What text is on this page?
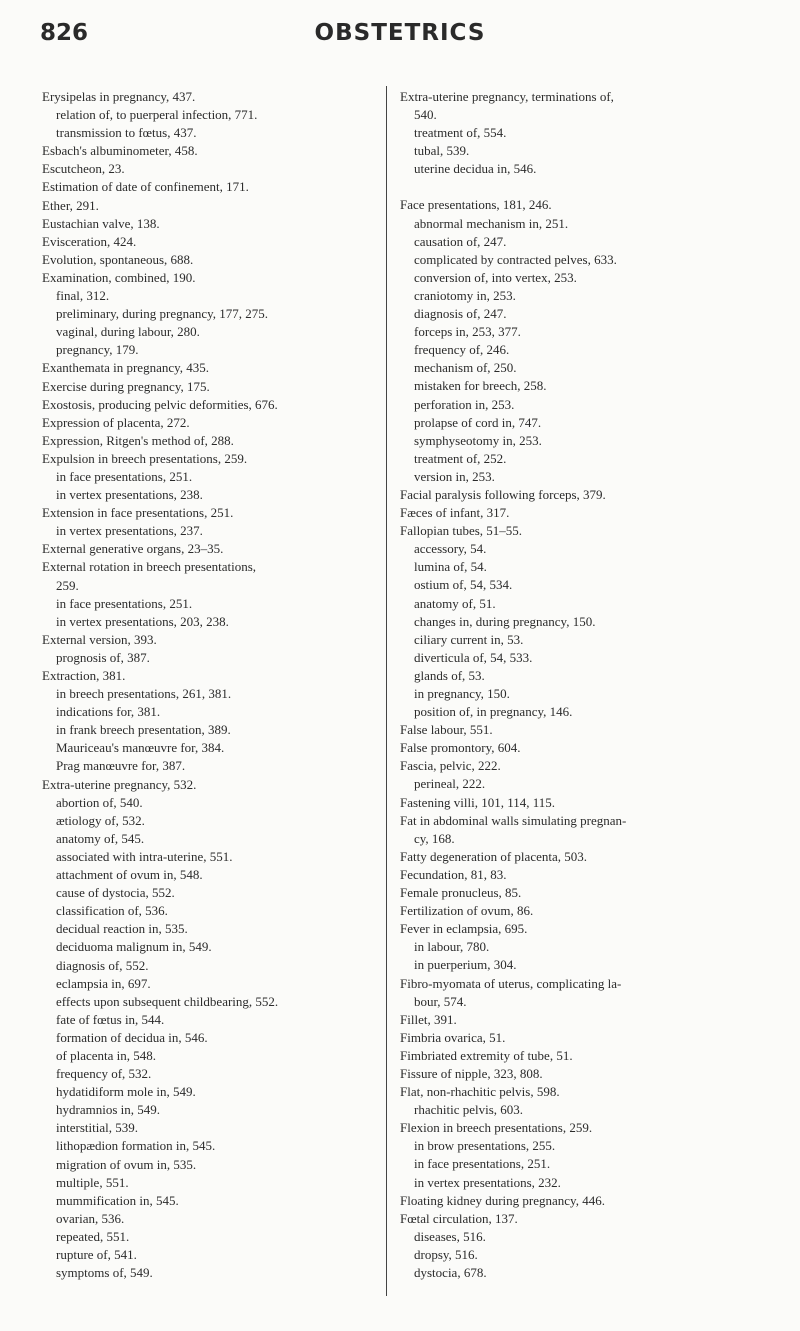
826	OBSTETRICS
Erysipelas in pregnancy, 437.
relation of, to puerperal infection, 771.
transmission to fœtus, 437.
Esbach's albuminometer, 458.
Escutcheon, 23.
Estimation of date of confinement, 171.
Ether, 291.
Eustachian valve, 138.
Evisceration, 424.
Evolution, spontaneous, 688.
Examination, combined, 190.
final, 312.
preliminary, during pregnancy, 177, 275.
vaginal, during labour, 280.
pregnancy, 179.
Exanthemata in pregnancy, 435.
Exercise during pregnancy, 175.
Exostosis, producing pelvic deformities, 676.
Expression of placenta, 272.
Expression, Ritgen's method of, 288.
Expulsion in breech presentations, 259.
in face presentations, 251.
in vertex presentations, 238.
Extension in face presentations, 251.
in vertex presentations, 237.
External generative organs, 23–35.
External rotation in breech presentations,
259.
in face presentations, 251.
in vertex presentations, 203, 238.
External version, 393.
prognosis of, 387.
Extraction, 381.
in breech presentations, 261, 381.
indications for, 381.
in frank breech presentation, 389.
Mauriceau's manœuvre for, 384.
Prag manœuvre for, 387.
Extra-uterine pregnancy, 532.
abortion of, 540.
ætiology of, 532.
anatomy of, 545.
associated with intra-uterine, 551.
attachment of ovum in, 548.
cause of dystocia, 552.
classification of, 536.
decidual reaction in, 535.
deciduoma malignum in, 549.
diagnosis of, 552.
eclampsia in, 697.
effects upon subsequent childbearing, 552.
fate of fœtus in, 544.
formation of decidua in, 546.
of placenta in, 548.
frequency of, 532.
hydatidiform mole in, 549.
hydramnios in, 549.
interstitial, 539.
lithopædion formation in, 545.
migration of ovum in, 535.
multiple, 551.
mummification in, 545.
ovarian, 536.
repeated, 551.
rupture of, 541.
symptoms of, 549.
Extra-uterine pregnancy, terminations of,
540.
treatment of, 554.
tubal, 539.
uterine decidua in, 546.
Face presentations, 181, 246.
abnormal mechanism in, 251.
causation of, 247.
complicated by contracted pelves, 633.
conversion of, into vertex, 253.
craniotomy in, 253.
diagnosis of, 247.
forceps in, 253, 377.
frequency of, 246.
mechanism of, 250.
mistaken for breech, 258.
perforation in, 253.
prolapse of cord in, 747.
symphyseotomy in, 253.
treatment of, 252.
version in, 253.
Facial paralysis following forceps, 379.
Fæces of infant, 317.
Fallopian tubes, 51–55.
accessory, 54.
lumina of, 54.
ostium of, 54, 534.
anatomy of, 51.
changes in, during pregnancy, 150.
ciliary current in, 53.
diverticula of, 54, 533.
glands of, 53.
in pregnancy, 150.
position of, in pregnancy, 146.
False labour, 551.
False promontory, 604.
Fascia, pelvic, 222.
perineal, 222.
Fastening villi, 101, 114, 115.
Fat in abdominal walls simulating pregnan-
cy, 168.
Fatty degeneration of placenta, 503.
Fecundation, 81, 83.
Female pronucleus, 85.
Fertilization of ovum, 86.
Fever in eclampsia, 695.
in labour, 780.
in puerperium, 304.
Fibro-myomata of uterus, complicating la-
bour, 574.
Fillet, 391.
Fimbria ovarica, 51.
Fimbriated extremity of tube, 51.
Fissure of nipple, 323, 808.
Flat, non-rhachitic pelvis, 598.
rhachitic pelvis, 603.
Flexion in breech presentations, 259.
in brow presentations, 255.
in face presentations, 251.
in vertex presentations, 232.
Floating kidney during pregnancy, 446.
Fœtal circulation, 137.
diseases, 516.
dropsy, 516.
dystocia, 678.
